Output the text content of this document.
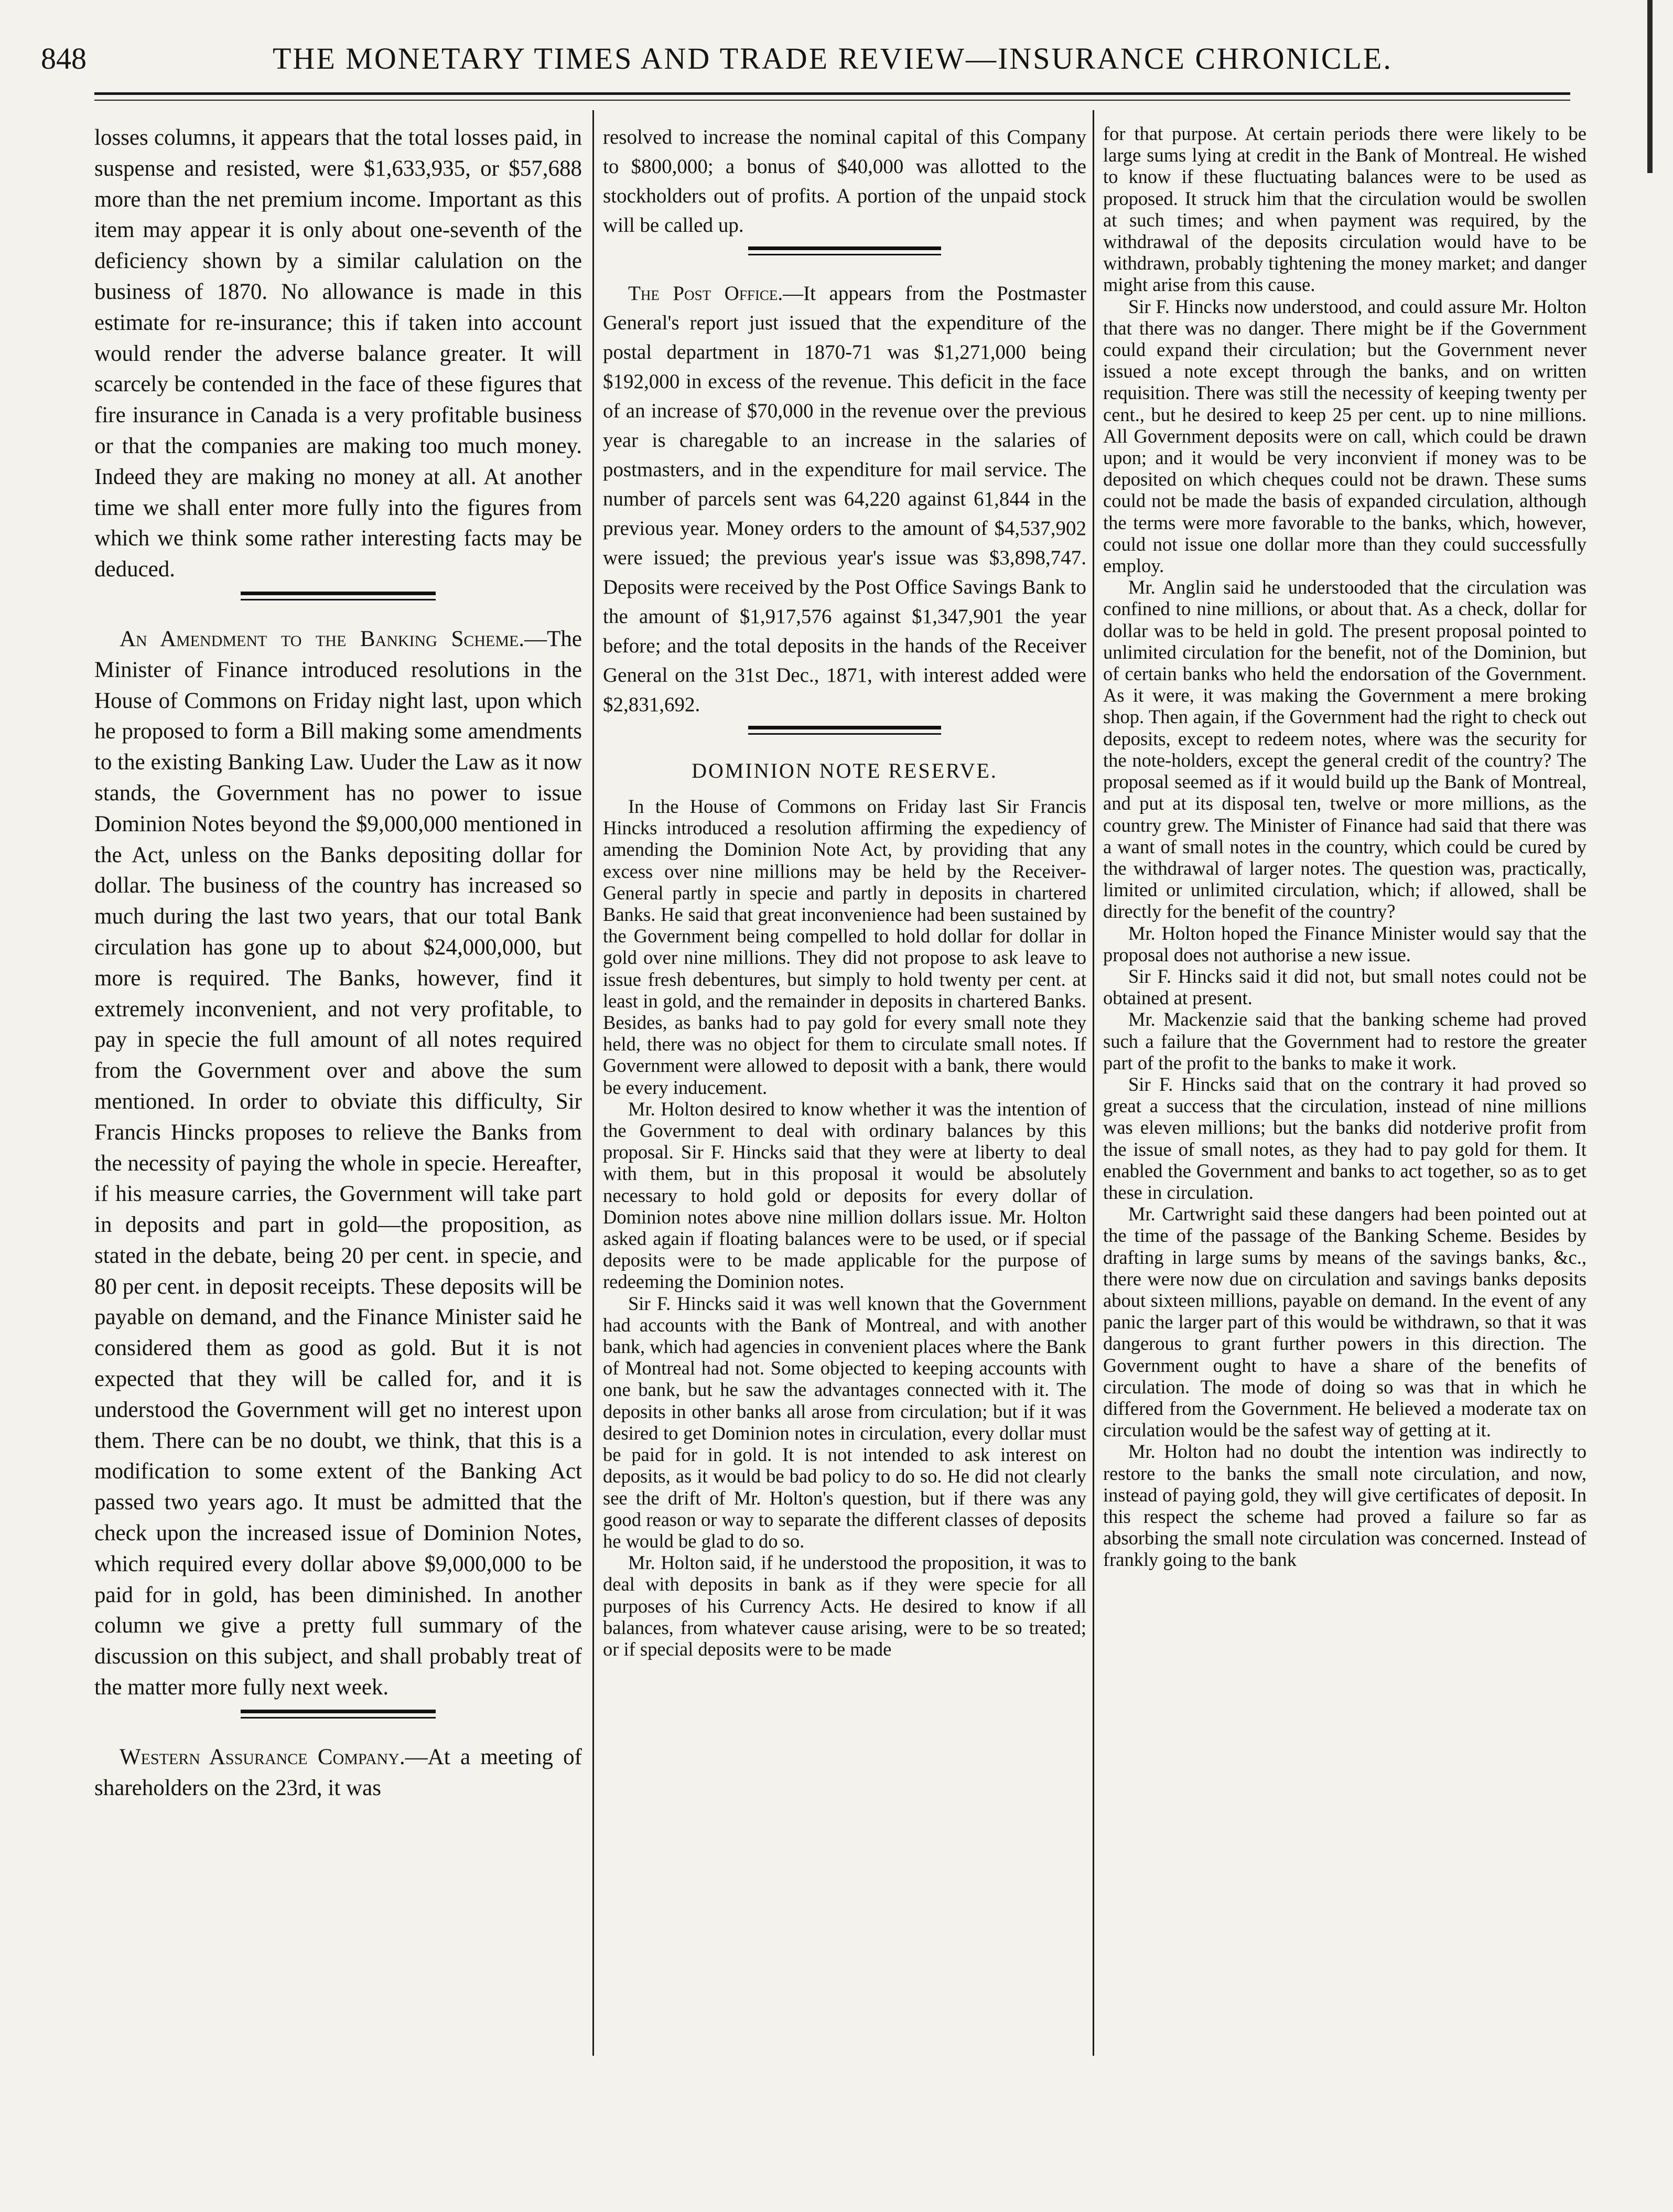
848	THE MONETARY TIMES AND TRADE REVIEW—INSURANCE CHRONICLE.

losses columns, it appears that the total losses paid, in suspense and resisted, were $1,633,935, or $57,688 more than the net premium income. Important as this item may appear it is only about one-seventh of the deficiency shown by a similar calulation on the business of 1870. No allowance is made in this estimate for re-insurance; this if taken into account would render the adverse balance greater. It will scarcely be contended in the face of these figures that fire insurance in Canada is a very profitable business or that the companies are making too much money. Indeed they are making no money at all. At another time we shall enter more fully into the figures from which we think some rather interesting facts may be deduced.

An Amendment to the Banking Scheme.—The Minister of Finance introduced resolutions in the House of Commons on Friday night last, upon which he proposed to form a Bill making some amendments to the existing Banking Law. Uuder the Law as it now stands, the Government has no power to issue Dominion Notes beyond the $9,000,000 mentioned in the Act, unless on the Banks depositing dollar for dollar. The business of the country has increased so much during the last two years, that our total Bank circulation has gone up to about $24,000,000, but more is required. The Banks, however, find it extremely inconvenient, and not very profitable, to pay in specie the full amount of all notes required from the Government over and above the sum mentioned. In order to obviate this difficulty, Sir Francis Hincks proposes to relieve the Banks from the necessity of paying the whole in specie. Hereafter, if his measure carries, the Government will take part in deposits and part in gold—the proposition, as stated in the debate, being 20 per cent. in specie, and 80 per cent. in deposit receipts. These deposits will be payable on demand, and the Finance Minister said he considered them as good as gold. But it is not expected that they will be called for, and it is understood the Government will get no interest upon them. There can be no doubt, we think, that this is a modification to some extent of the Banking Act passed two years ago. It must be admitted that the check upon the increased issue of Dominion Notes, which required every dollar above $9,000,000 to be paid for in gold, has been diminished. In another column we give a pretty full summary of the discussion on this subject, and shall probably treat of the matter more fully next week.

Western Assurance Company.—At a meeting of shareholders on the 23rd, it was

resolved to increase the nominal capital of this Company to $800,000; a bonus of $40,000 was allotted to the stockholders out of profits. A portion of the unpaid stock will be called up.

The Post Office.—It appears from the Postmaster General's report just issued that the expenditure of the postal department in 1870-71 was $1,271,000 being $192,000 in excess of the revenue. This deficit in the face of an increase of $70,000 in the revenue over the previous year is charegable to an increase in the salaries of postmasters, and in the expenditure for mail service. The number of parcels sent was 64,220 against 61,844 in the previous year. Money orders to the amount of $4,537,902 were issued; the previous year's issue was $3,898,747. Deposits were received by the Post Office Savings Bank to the amount of $1,917,576 against $1,347,901 the year before; and the total deposits in the hands of the Receiver General on the 31st Dec., 1871, with interest added were $2,831,692.

DOMINION NOTE RESERVE.

In the House of Commons on Friday last Sir Francis Hincks introduced a resolution affirming the expediency of amending the Dominion Note Act, by providing that any excess over nine millions may be held by the Receiver-General partly in specie and partly in deposits in chartered Banks. He said that great inconvenience had been sustained by the Government being compelled to hold dollar for dollar in gold over nine millions. They did not propose to ask leave to issue fresh debentures, but simply to hold twenty per cent. at least in gold, and the remainder in deposits in chartered Banks. Besides, as banks had to pay gold for every small note they held, there was no object for them to circulate small notes. If Government were allowed to deposit with a bank, there would be every inducement.

Mr. Holton desired to know whether it was the intention of the Government to deal with ordinary balances by this proposal. Sir F. Hincks said that they were at liberty to deal with them, but in this proposal it would be absolutely necessary to hold gold or deposits for every dollar of Dominion notes above nine million dollars issue. Mr. Holton asked again if floating balances were to be used, or if special deposits were to be made applicable for the purpose of redeeming the Dominion notes.

Sir F. Hincks said it was well known that the Government had accounts with the Bank of Montreal, and with another bank, which had agencies in convenient places where the Bank of Montreal had not. Some objected to keeping accounts with one bank, but he saw the advantages connected with it. The deposits in other banks all arose from circulation; but if it was desired to get Dominion notes in circulation, every dollar must be paid for in gold. It is not intended to ask interest on deposits, as it would be bad policy to do so. He did not clearly see the drift of Mr. Holton's question, but if there was any good reason or way to separate the different classes of deposits he would be glad to do so.

Mr. Holton said, if he understood the proposition, it was to deal with deposits in bank as if they were specie for all purposes of his Currency Acts. He desired to know if all balances, from whatever cause arising, were to be so treated; or if special deposits were to be made

for that purpose. At certain periods there were likely to be large sums lying at credit in the Bank of Montreal. He wished to know if these fluctuating balances were to be used as proposed. It struck him that the circulation would be swollen at such times; and when payment was required, by the withdrawal of the deposits circulation would have to be withdrawn, probably tightening the money market; and danger might arise from this cause.

Sir F. Hincks now understood, and could assure Mr. Holton that there was no danger. There might be if the Government could expand their circulation; but the Government never issued a note except through the banks, and on written requisition. There was still the necessity of keeping twenty per cent., but he desired to keep 25 per cent. up to nine millions. All Government deposits were on call, which could be drawn upon; and it would be very inconvient if money was to be deposited on which cheques could not be drawn. These sums could not be made the basis of expanded circulation, although the terms were more favorable to the banks, which, however, could not issue one dollar more than they could successfully employ.

Mr. Anglin said he understooded that the circulation was confined to nine millions, or about that. As a check, dollar for dollar was to be held in gold. The present proposal pointed to unlimited circulation for the benefit, not of the Dominion, but of certain banks who held the endorsation of the Government. As it were, it was making the Government a mere broking shop. Then again, if the Government had the right to check out deposits, except to redeem notes, where was the security for the note-holders, except the general credit of the country? The proposal seemed as if it would build up the Bank of Montreal, and put at its disposal ten, twelve or more millions, as the country grew. The Minister of Finance had said that there was a want of small notes in the country, which could be cured by the withdrawal of larger notes. The question was, practically, limited or unlimited circulation, which; if allowed, shall be directly for the benefit of the country?

Mr. Holton hoped the Finance Minister would say that the proposal does not authorise a new issue.

Sir F. Hincks said it did not, but small notes could not be obtained at present.

Mr. Mackenzie said that the banking scheme had proved such a failure that the Government had to restore the greater part of the profit to the banks to make it work.

Sir F. Hincks said that on the contrary it had proved so great a success that the circulation, instead of nine millions was eleven millions; but the banks did notderive profit from the issue of small notes, as they had to pay gold for them. It enabled the Government and banks to act together, so as to get these in circulation.

Mr. Cartwright said these dangers had been pointed out at the time of the passage of the Banking Scheme. Besides by drafting in large sums by means of the savings banks, &c., there were now due on circulation and savings banks deposits about sixteen millions, payable on demand. In the event of any panic the larger part of this would be withdrawn, so that it was dangerous to grant further powers in this direction. The Government ought to have a share of the benefits of circulation. The mode of doing so was that in which he differed from the Government. He believed a moderate tax on circulation would be the safest way of getting at it.

Mr. Holton had no doubt the intention was indirectly to restore to the banks the small note circulation, and now, instead of paying gold, they will give certificates of deposit. In this respect the scheme had proved a failure so far as absorbing the small note circulation was concerned. Instead of frankly going to the bank
